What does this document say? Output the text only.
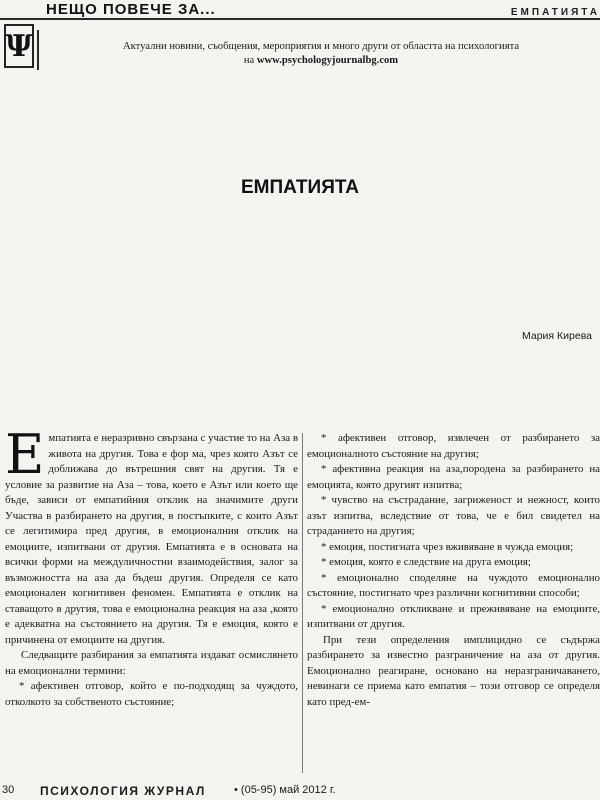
НЕЩО ПОВЕЧЕ ЗА...	ЕМПАТИЯТА
Ψ	Актуални новини, съобщения, мероприятия и много други от областта на психологията
на www.psychologyjournalbg.com
ЕМПАТИЯТА
Мария Кирева

Емпатията е неразривно свързана с участие то на Аза в живота на другия. Това е фор ма, чрез която Азът се доближава до вътрешния свят на другия. Тя е условие за развитие на Аза – това, което е Азът или което ще бъде, зависи от емпатийния отклик на значимите други Участва в разбирането на другия, в постъпките, с които Азът се легитимира пред другия, в емоционалния отклик на емоциите, изпитвани от другия. Емпатията е в основата на всички форми на междуличностни взаимодействия, залог за възможността на аза да бъдеш другия. Определя се като емоционален когнитивен феномен. Емпатията е отклик на ставащото в другия, това е емоционална реакция на аза ,която е адекватна на състоянието на другия. Тя е емоция, която е причинена от емоциите на другия.

Следващите разбирания за емпатията издават осмислянето на емоционални термини:

* афективен отговор, който е по-подходящ за чуждото, отколкото за собственото състояние;

* афективен отговор, извлечен от разбирането за емоционалното състояние на другия;

* афективна реакция на аза,породена за разбирането на емоцията, която другият изпитва;

* чувство на състрадание, загриженост и нежност, които азът изпитва, вследствие от това, че е бил свидетел на страданието на другия;

* емоция, постигната чрез вживяване в чужда емоция;

* емоция, която е следствие на друга емоция;

* емоционално споделяне на чуждото емоционално състояние, постигнато чрез различни когнитивни способи;

* емоционално откликване и преживяване на емоциите, изпитвани от другия.

При тези определения имплицидно се съдържа разбирането за известно разграничение на аза от другия. Емоционално реагиране, основано на неразграничаването, невинаги се приема като емпатия – този отговор се определя като пред-ем-

30 ПСИХОЛОГИЯ ЖУРНАЛ	• (05-95) май 2012 г.
